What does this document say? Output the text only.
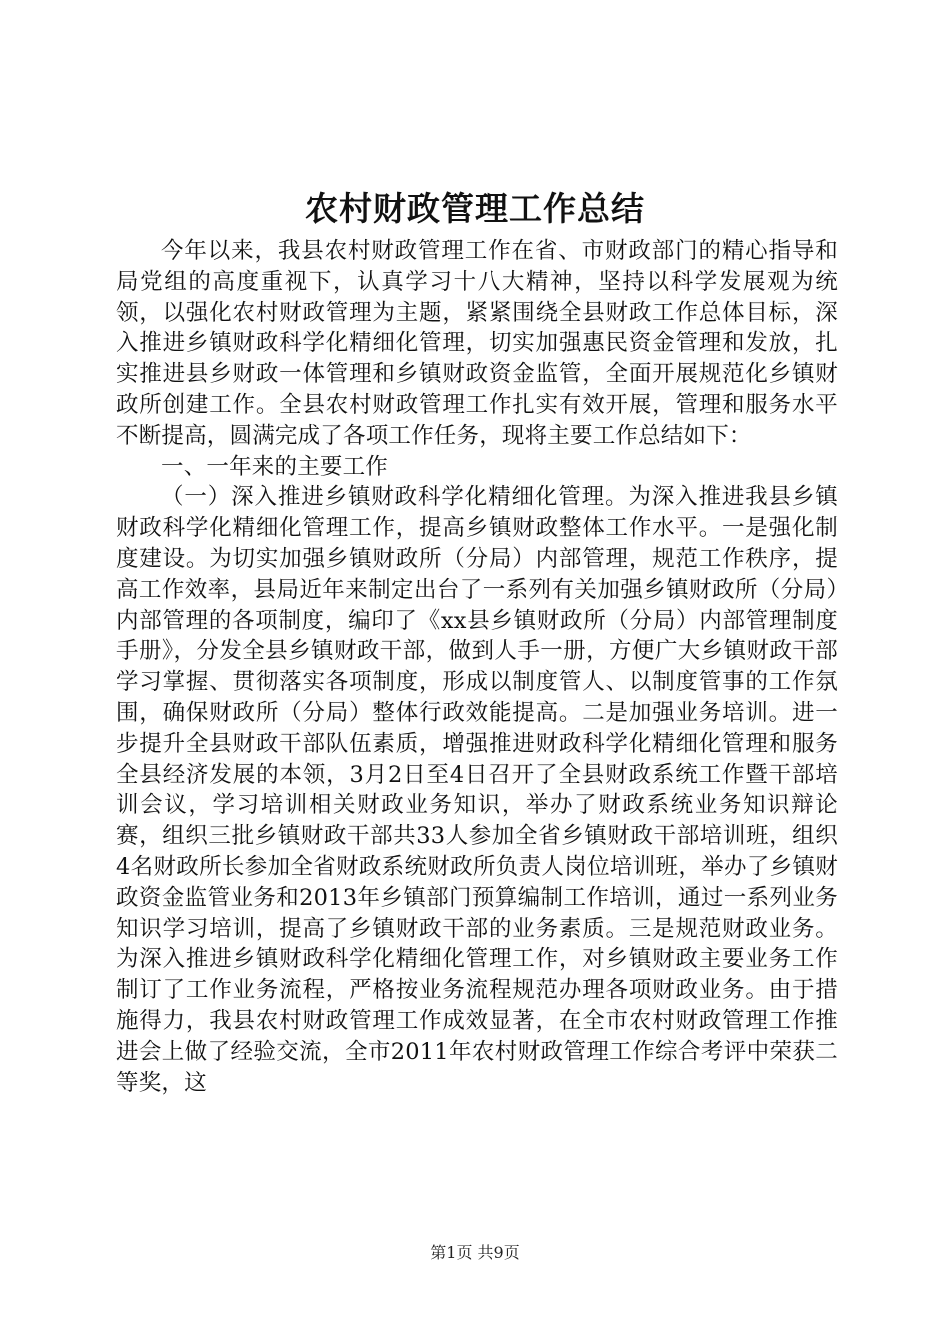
农村财政管理工作总结

今年以来，我县农村财政管理工作在省、市财政部门的精心指导和局党组的高度重视下，认真学习十八大精神，坚持以科学发展观为统领，以强化农村财政管理为主题，紧紧围绕全县财政工作总体目标，深入推进乡镇财政科学化精细化管理，切实加强惠民资金管理和发放，扎实推进县乡财政一体管理和乡镇财政资金监管，全面开展规范化乡镇财政所创建工作。全县农村财政管理工作扎实有效开展，管理和服务水平不断提高，圆满完成了各项工作任务，现将主要工作总结如下：

一、一年来的主要工作

（一）深入推进乡镇财政科学化精细化管理。为深入推进我县乡镇财政科学化精细化管理工作，提高乡镇财政整体工作水平。一是强化制度建设。为切实加强乡镇财政所（分局）内部管理，规范工作秩序，提高工作效率，县局近年来制定出台了一系列有关加强乡镇财政所（分局）内部管理的各项制度，编印了《xx县乡镇财政所（分局）内部管理制度手册》，分发全县乡镇财政干部，做到人手一册，方便广大乡镇财政干部学习掌握、贯彻落实各项制度，形成以制度管人、以制度管事的工作氛围，确保财政所（分局）整体行政效能提高。二是加强业务培训。进一步提升全县财政干部队伍素质，增强推进财政科学化精细化管理和服务全县经济发展的本领，3月2日至4日召开了全县财政系统工作暨干部培训会议，学习培训相关财政业务知识，举办了财政系统业务知识辩论赛，组织三批乡镇财政干部共33人参加全省乡镇财政干部培训班，组织4名财政所长参加全省财政系统财政所负责人岗位培训班，举办了乡镇财政资金监管业务和2013年乡镇部门预算编制工作培训，通过一系列业务知识学习培训，提高了乡镇财政干部的业务素质。三是规范财政业务。为深入推进乡镇财政科学化精细化管理工作，对乡镇财政主要业务工作制订了工作业务流程，严格按业务流程规范办理各项财政业务。由于措施得力，我县农村财政管理工作成效显著，在全市农村财政管理工作推进会上做了经验交流，全市2011年农村财政管理工作综合考评中荣获二等奖，这

第1页 共9页
